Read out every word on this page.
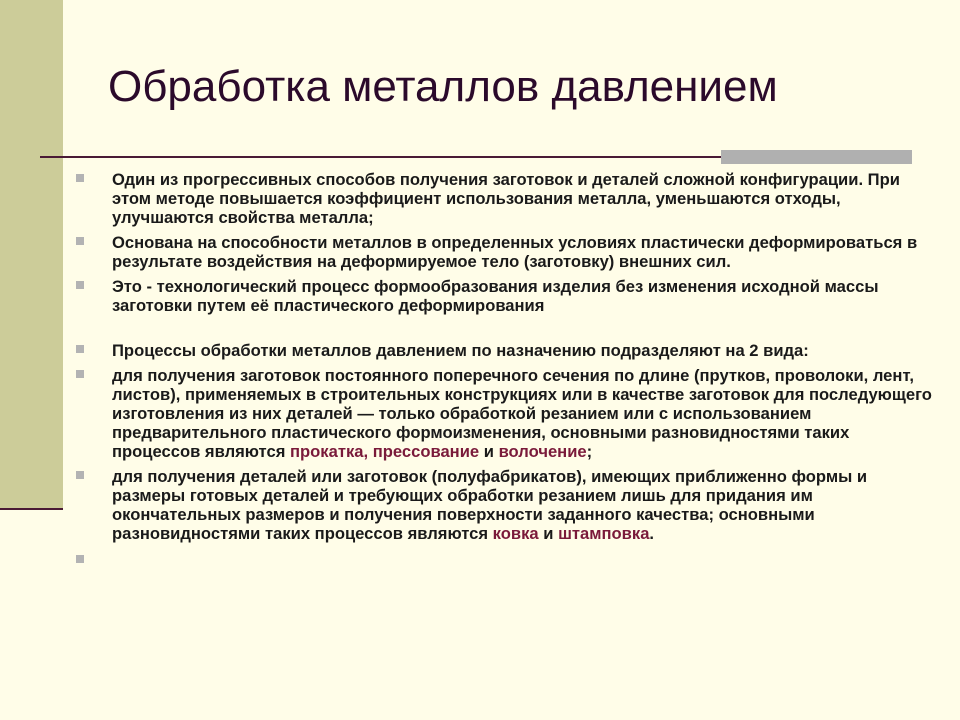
Обработка металлов давлением
Один из прогрессивных способов получения заготовок и деталей сложной конфигурации. При этом методе повышается коэффициент использования металла, уменьшаются отходы, улучшаются свойства металла;
Основана на способности металлов в определенных условиях пластически деформироваться в результате воздействия на деформируемое тело (заготовку) внешних сил.
Это - технологический процесс формообразования изделия без изменения исходной массы заготовки путем её пластического деформирования
Процессы обработки металлов давлением по назначению подразделяют на 2 вида:
для получения заготовок постоянного поперечного сечения по длине (прутков, проволоки, лент, листов), применяемых в строительных конструкциях или в качестве заготовок для последующего изготовления из них деталей — только обработкой резанием или с использованием предварительного пластического формоизменения, основными разновидностями таких процессов являются прокатка, прессование и волочение;
для получения деталей или заготовок (полуфабрикатов), имеющих приближенно формы и размеры готовых деталей и требующих обработки резанием лишь для придания им окончательных размеров и получения поверхности заданного качества; основными разновидностями таких процессов являются ковка и штамповка.
